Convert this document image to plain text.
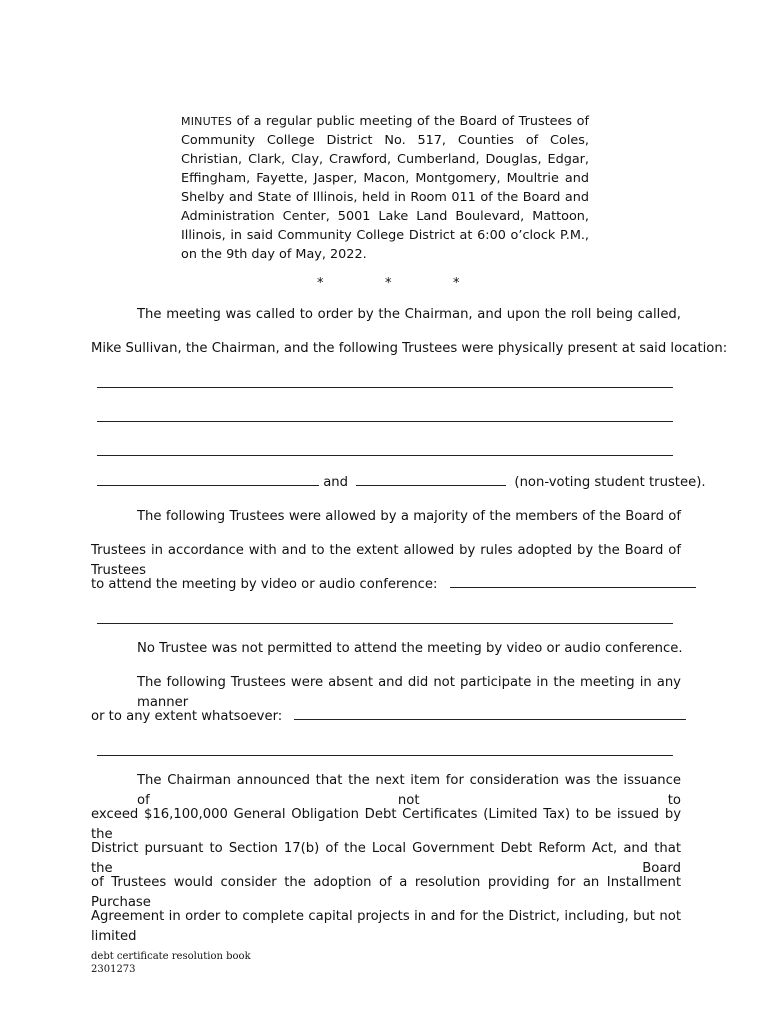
MINUTES of a regular public meeting of the Board of Trustees of Community College District No. 517, Counties of Coles, Christian, Clark, Clay, Crawford, Cumberland, Douglas, Edgar, Effingham, Fayette, Jasper, Macon, Montgomery, Moultrie and Shelby and State of Illinois, held in Room 011 of the Board and Administration Center, 5001 Lake Land Boulevard, Mattoon, Illinois, in said Community College District at 6:00 o’clock P.M., on the 9th day of May, 2022.
*	*	*
The meeting was called to order by the Chairman, and upon the roll being called,
Mike Sullivan, the Chairman, and the following Trustees were physically present at said location:
and	(non-voting student trustee).
The following Trustees were allowed by a majority of the members of the Board of
Trustees in accordance with and to the extent allowed by rules adopted by the Board of Trustees
to attend the meeting by video or audio conference:
No Trustee was not permitted to attend the meeting by video or audio conference.
The following Trustees were absent and did not participate in the meeting in any manner
or to any extent whatsoever:
The Chairman announced that the next item for consideration was the issuance of not to
exceed $16,100,000 General Obligation Debt Certificates (Limited Tax) to be issued by the
District pursuant to Section 17(b) of the Local Government Debt Reform Act, and that the Board
of Trustees would consider the adoption of a resolution providing for an Installment Purchase
Agreement in order to complete capital projects in and for the District, including, but not limited
debt certificate resolution book
2301273
